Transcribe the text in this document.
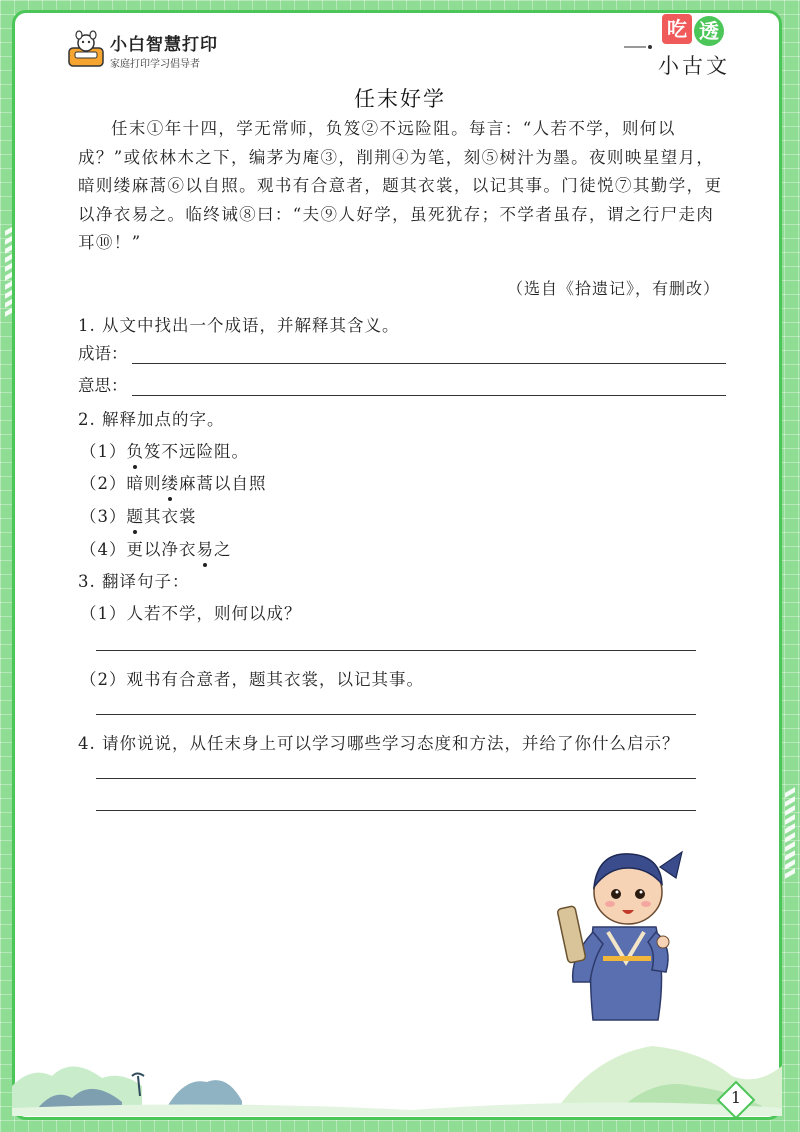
小白智慧打印
家庭打印学习倡导者
吃 透
小古文
任末好学

任末①年十四，学无常师，负笈②不远险阻。每言：“人若不学，则何以成？”或依林木之下，编茅为庵③，削荆④为笔，刻⑤树汁为墨。夜则映星望月，暗则缕麻蒿⑥以自照。观书有合意者，题其衣裳，以记其事。门徒悦⑦其勤学，更以净衣易之。临终诫⑧曰：“夫⑨人好学，虽死犹存；不学者虽存，谓之行尸走肉耳⑩！”

（选自《拾遗记》，有删改）
1. 从文中找出一个成语，并解释其含义。
成语：
意思：
2. 解释加点的字。
（1）负笈不远险阻。
（2）暗则缕麻蒿以自照
（3）题其衣裳
（4）更以净衣易之
3. 翻译句子：
（1）人若不学，则何以成？
（2）观书有合意者，题其衣裳，以记其事。
4. 请你说说，从任末身上可以学习哪些学习态度和方法，并给了你什么启示？
1
